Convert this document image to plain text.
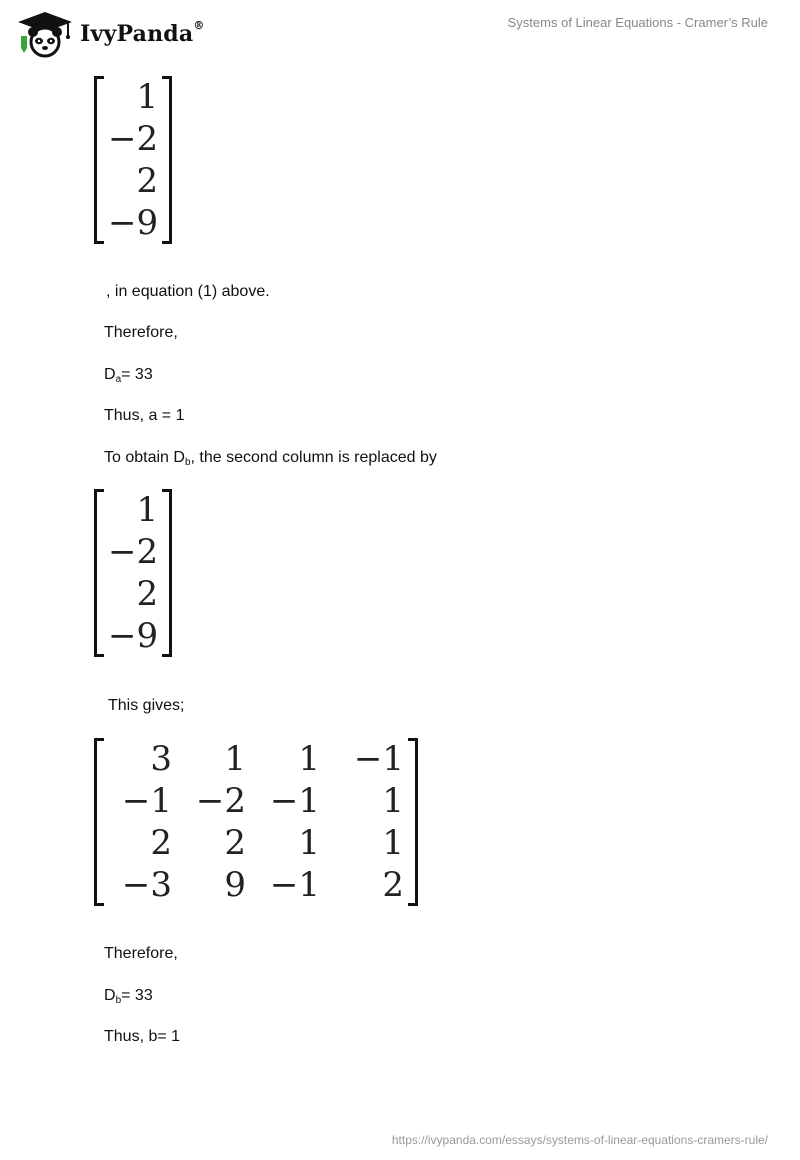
IvyPanda®	Systems of Linear Equations - Cramer’s Rule
1
−2
2
−9
, in equation (1) above.
Therefore,
$D_a= 33$
Thus, a = 1
To obtain $D_b$, the second column is replaced by
1
−2
2
−9
This gives;
3	1	1	−1
−1	−2	−1	1
2	2	1	1
−3	9	−1	2
Therefore,
$D_b= 33$
Thus, b= 1
https://ivypanda.com/essays/systems-of-linear-equations-cramers-rule/
